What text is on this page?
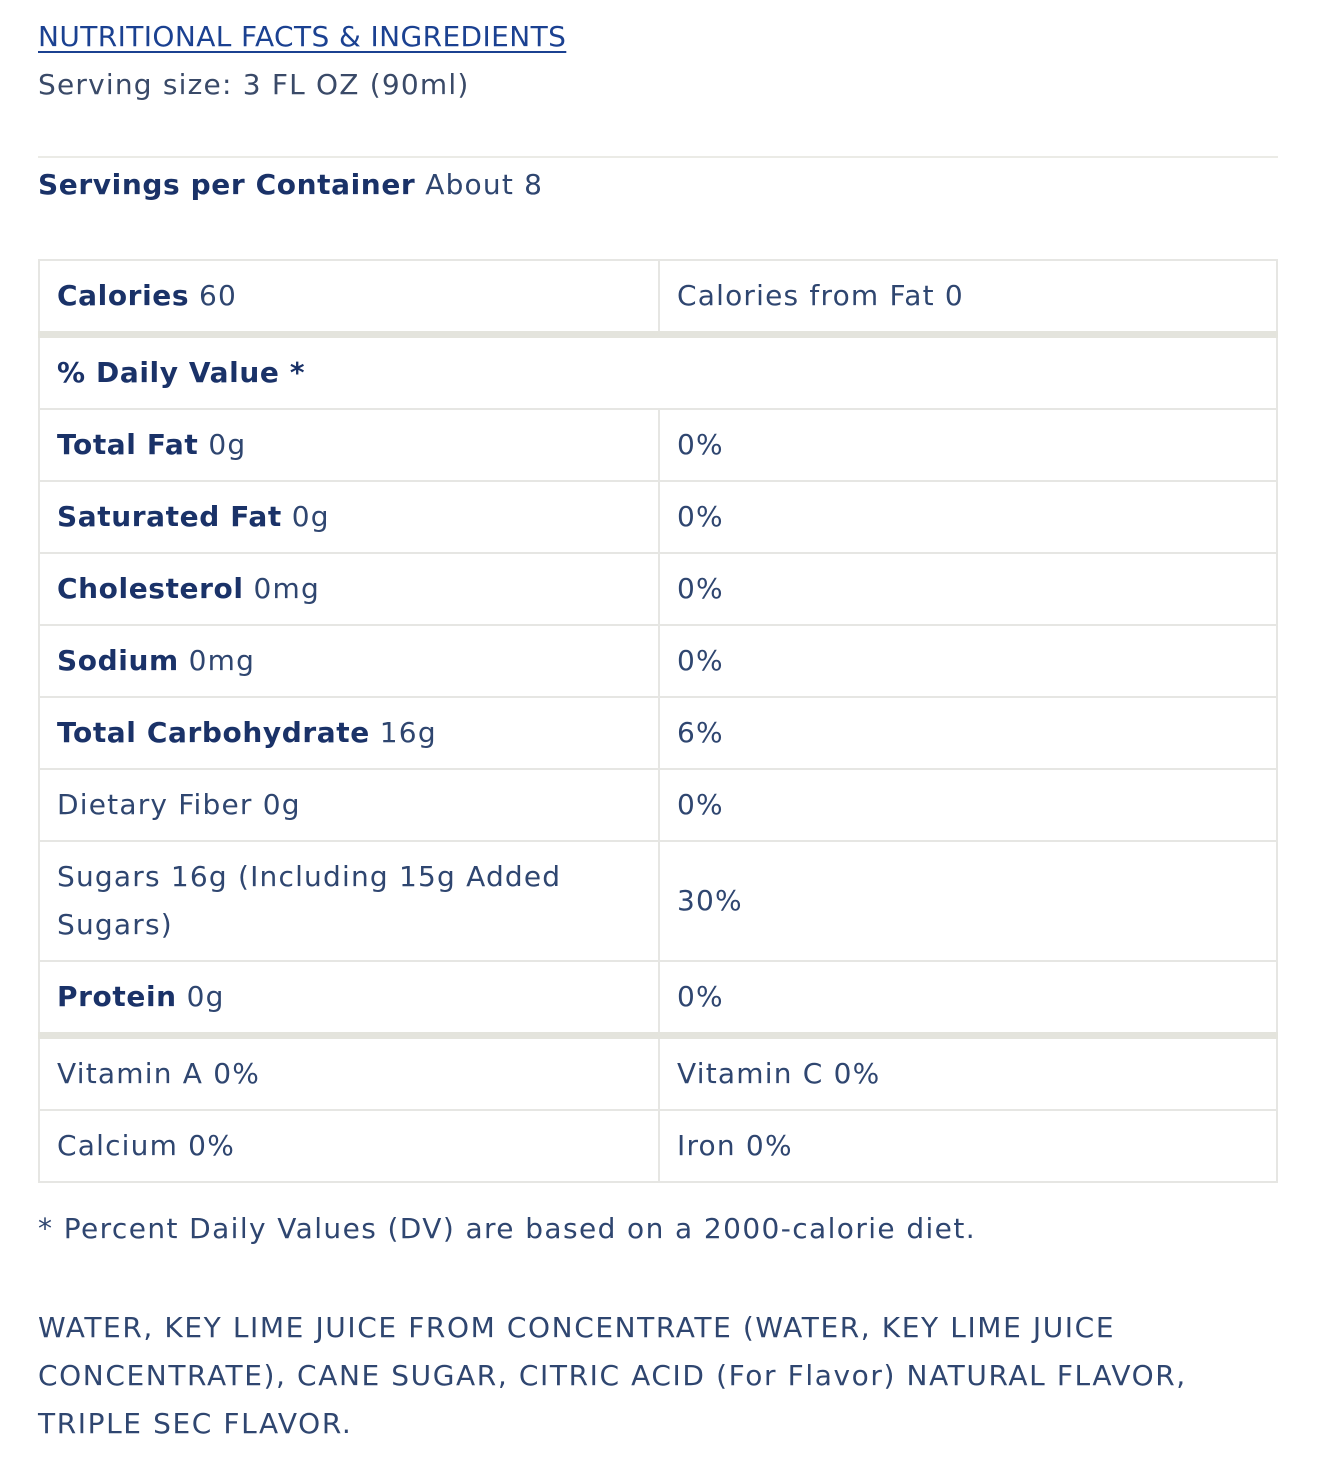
NUTRITIONAL FACTS & INGREDIENTS
Serving size: 3 FL OZ (90ml)
Servings per Container About 8
Calories 60	Calories from Fat 0
% Daily Value *	
Total Fat 0g	0%
Saturated Fat 0g	0%
Cholesterol 0mg	0%
Sodium 0mg	0%
Total Carbohydrate 16g	6%
Dietary Fiber 0g	0%
Sugars 16g (Including 15g Added Sugars)	30%
Protein 0g	0%
Vitamin A 0%	Vitamin C 0%
Calcium 0%	Iron 0%
* Percent Daily Values (DV) are based on a 2000-calorie diet.
WATER, KEY LIME JUICE FROM CONCENTRATE (WATER, KEY LIME JUICE CONCENTRATE), CANE SUGAR, CITRIC ACID (For Flavor) NATURAL FLAVOR, TRIPLE SEC FLAVOR.
